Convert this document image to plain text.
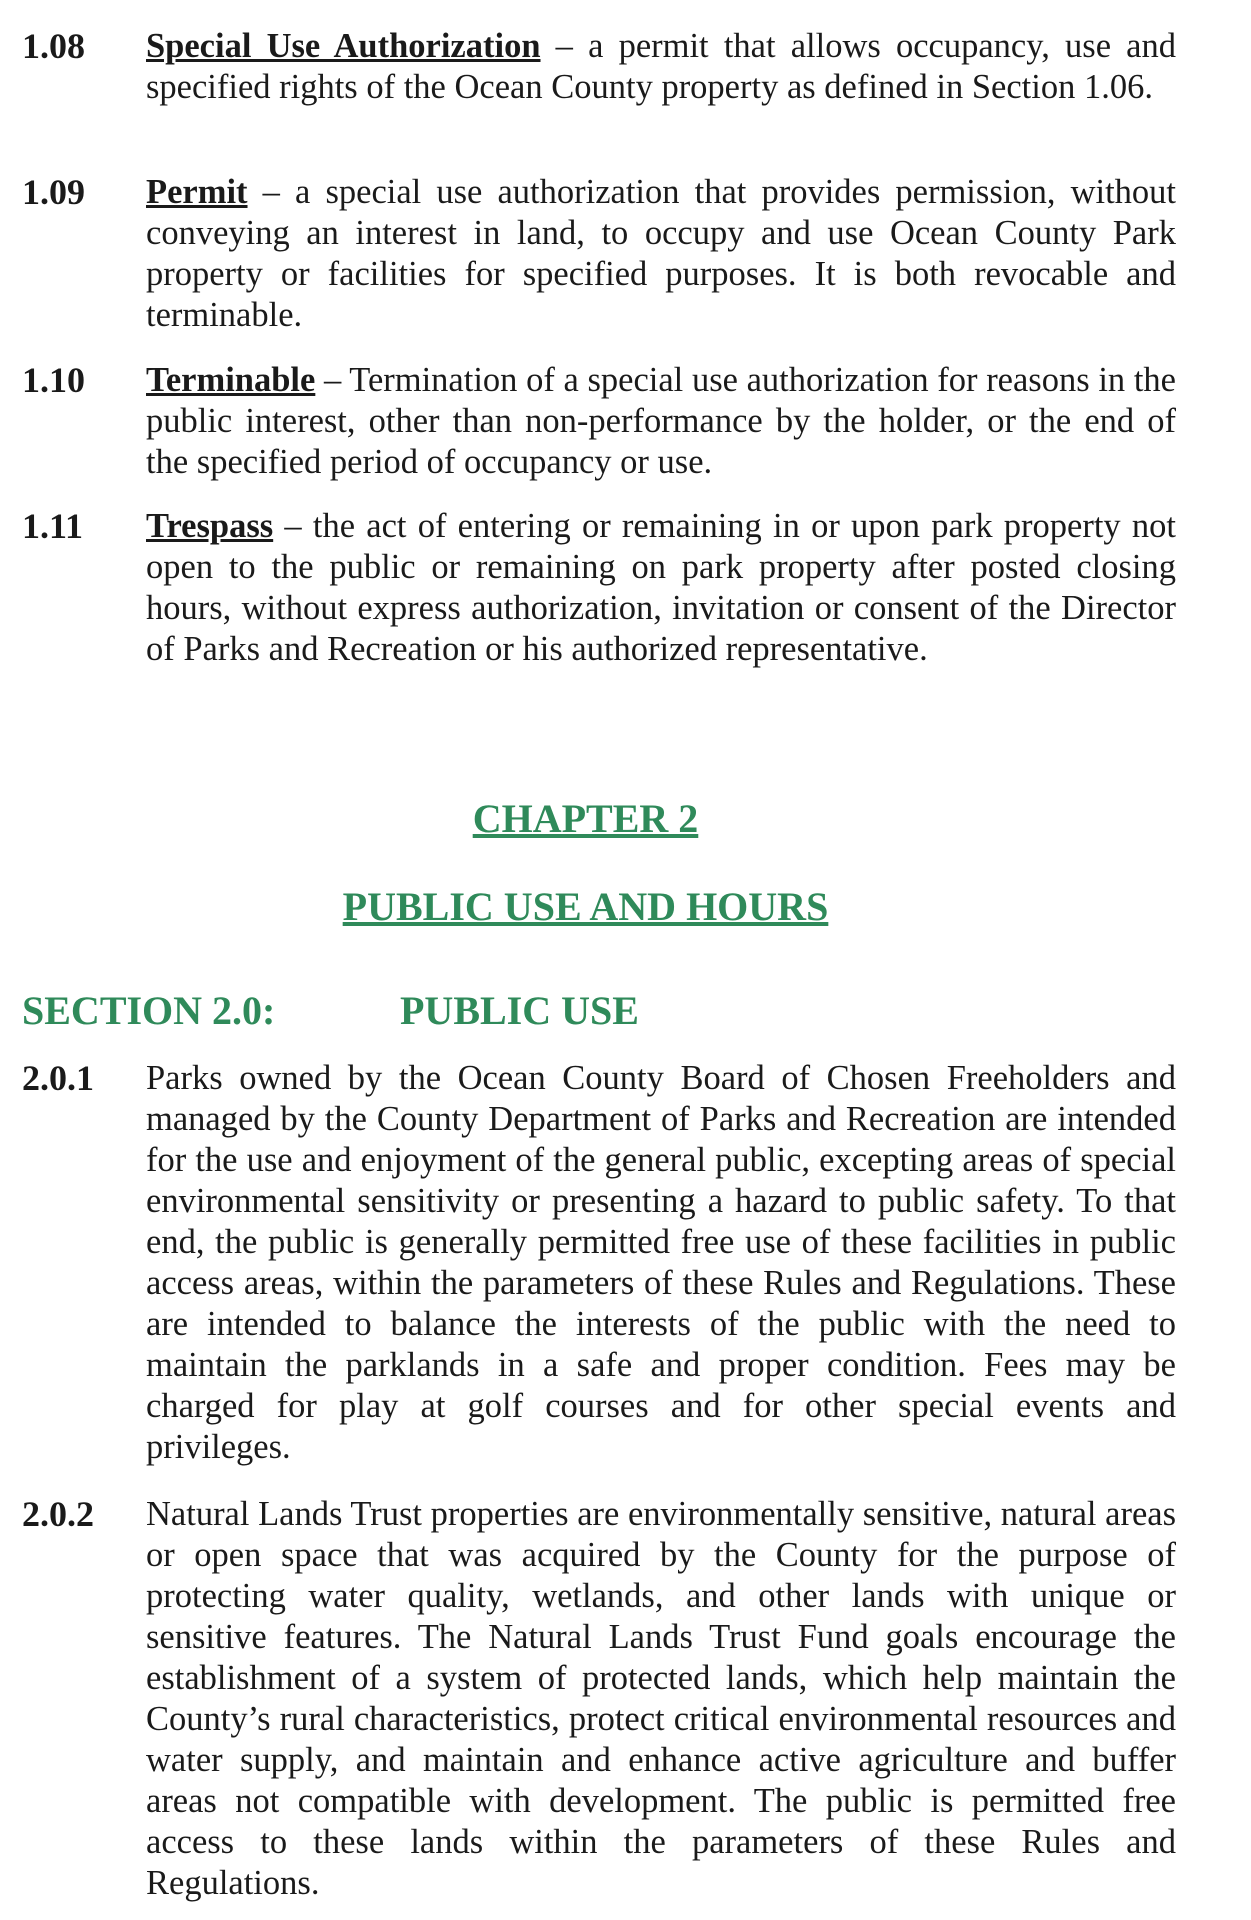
1.08 Special Use Authorization – a permit that allows occupancy, use and specified rights of the Ocean County property as defined in Section 1.06.
1.09 Permit – a special use authorization that provides permission, without conveying an interest in land, to occupy and use Ocean County Park property or facilities for specified purposes. It is both revocable and terminable.
1.10 Terminable – Termination of a special use authorization for reasons in the public interest, other than non-performance by the holder, or the end of the specified period of occupancy or use.
1.11 Trespass – the act of entering or remaining in or upon park property not open to the public or remaining on park property after posted closing hours, without express authorization, invitation or consent of the Director of Parks and Recreation or his authorized representative.
CHAPTER 2
PUBLIC USE AND HOURS
SECTION 2.0:	PUBLIC USE
2.0.1 Parks owned by the Ocean County Board of Chosen Freeholders and managed by the County Department of Parks and Recreation are intended for the use and enjoyment of the general public, excepting areas of special environmental sensitivity or presenting a hazard to public safety. To that end, the public is generally permitted free use of these facilities in public access areas, within the parameters of these Rules and Regulations. These are intended to balance the interests of the public with the need to maintain the parklands in a safe and proper condition. Fees may be charged for play at golf courses and for other special events and privileges.
2.0.2 Natural Lands Trust properties are environmentally sensitive, natural areas or open space that was acquired by the County for the purpose of protecting water quality, wetlands, and other lands with unique or sensitive features. The Natural Lands Trust Fund goals encourage the establishment of a system of protected lands, which help maintain the County’s rural characteristics, protect critical environmental resources and water supply, and maintain and enhance active agriculture and buffer areas not compatible with development. The public is permitted free access to these lands within the parameters of these Rules and Regulations.
